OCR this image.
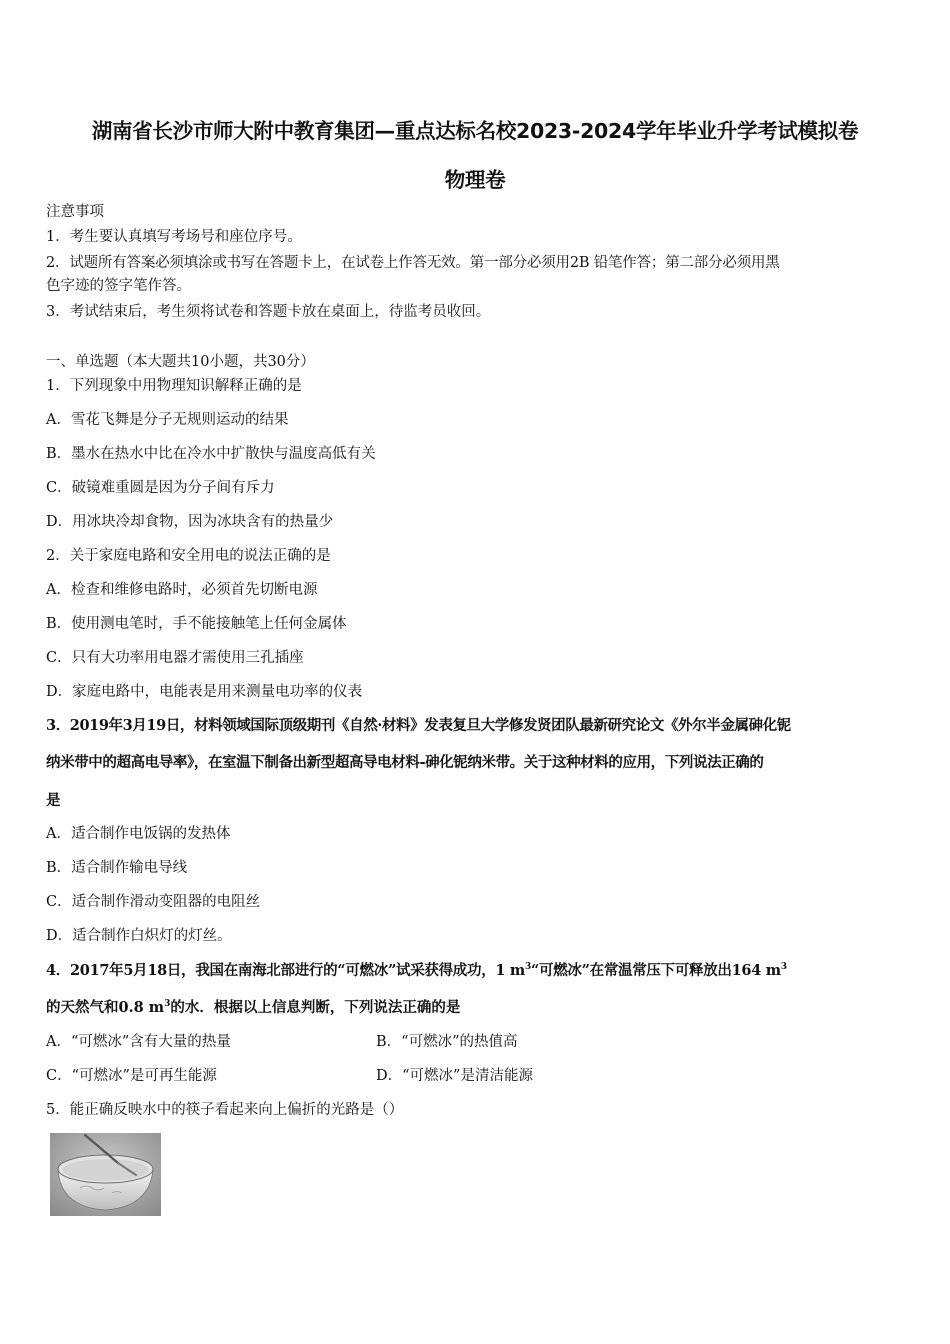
湖南省长沙市师大附中教育集团—重点达标名校2023-2024学年毕业升学考试模拟卷
物理卷
注意事项
1．考生要认真填写考场号和座位序号。
2．试题所有答案必须填涂或书写在答题卡上，在试卷上作答无效。第一部分必须用2B 铅笔作答；第二部分必须用黑
色字迹的签字笔作答。
3．考试结束后，考生须将试卷和答题卡放在桌面上，待监考员收回。
一、单选题（本大题共10小题，共30分）
1．下列现象中用物理知识解释正确的是
A．雪花飞舞是分子无规则运动的结果
B．墨水在热水中比在冷水中扩散快与温度高低有关
C．破镜难重圆是因为分子间有斥力
D．用冰块冷却食物，因为冰块含有的热量少
2．关于家庭电路和安全用电的说法正确的是
A．检查和维修电路时，必须首先切断电源
B．使用测电笔时，手不能接触笔上任何金属体
C．只有大功率用电器才需使用三孔插座
D．家庭电路中，电能表是用来测量电功率的仪表
3．2019年3月19日，材料领域国际顶级期刊《自然·材料》发表复旦大学修发贤团队最新研究论文《外尔半金属砷化铌
纳米带中的超高电导率》，在室温下制备出新型超高导电材料-砷化铌纳米带。关于这种材料的应用，下列说法正确的
是
A．适合制作电饭锅的发热体
B．适合制作输电导线
C．适合制作滑动变阻器的电阻丝
D．适合制作白炽灯的灯丝。
4．2017年5月18日，我国在南海北部进行的“可燃冰”试采获得成功，1 $m^3“$可燃冰”在常温常压下可释放出164 $m^3$
的天然气和0.8 $m^3$的水．根据以上信息判断，下列说法正确的是
A．“可燃冰”含有大量的热量	B．“可燃冰”的热值高
C．“可燃冰”是可再生能源	D．“可燃冰”是清洁能源
5．能正确反映水中的筷子看起来向上偏折的光路是（）
